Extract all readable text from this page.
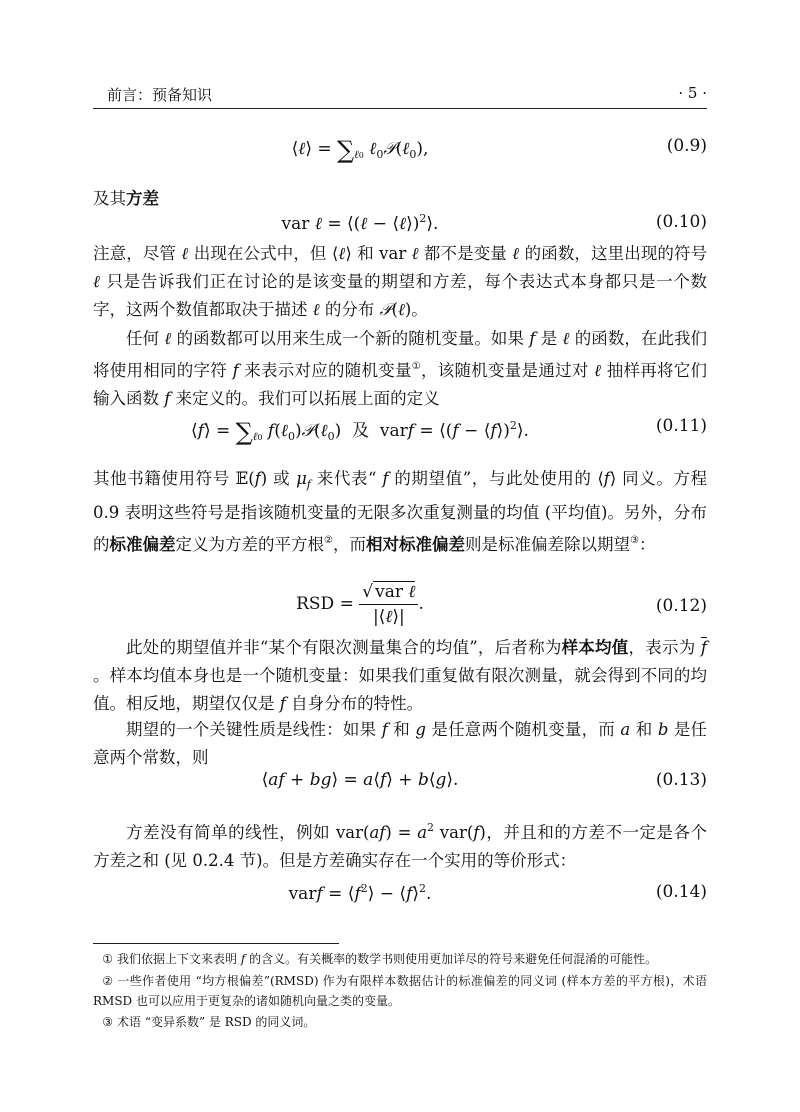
前言：预备知识	· 5 ·
⟨ℓ⟩ = $\sum_{\ell 0}$ ℓ$_0$𝒫(ℓ$_0$),	(0.9)
及其方差
var ℓ = ⟨(ℓ − ⟨ℓ⟩)$^2$⟩.	(0.10)
注意，尽管 ℓ 出现在公式中，但 ⟨ℓ⟩ 和 var ℓ 都不是变量 ℓ 的函数，这里出现的符号 ℓ 只是告诉我们正在讨论的是该变量的期望和方差，每个表达式本身都只是一个数字，这两个数值都取决于描述 ℓ 的分布 𝒫(ℓ)。
任何 ℓ 的函数都可以用来生成一个新的随机变量。如果 f 是 ℓ 的函数，在此我们将使用相同的字符 f 来表示对应的随机变量①，该随机变量是通过对 ℓ 抽样再将它们输入函数 f 来定义的。我们可以拓展上面的定义
⟨f⟩ = $\sum_{\ell 0}$ f(ℓ$_0$)𝒫(ℓ$_0$)  及  varf = ⟨(f − ⟨f⟩)$^2$⟩.	(0.11)
其他书籍使用符号 𝔼(f) 或 $\mu_f$ 来代表“ f 的期望值”，与此处使用的 ⟨f⟩ 同义。方程 0.9 表明这些符号是指该随机变量的无限多次重复测量的均值 (平均值)。另外，分布的标准偏差定义为方差的平方根②，而相对标准偏差则是标准偏差除以期望③：
RSD = $\frac{\text{√ var ℓ}}{\text{|⟨ℓ⟩|}}$ .	(0.12)
此处的期望值并非“某个有限次测量集合的均值”，后者称为样本均值，表示为 $\overline{f}$ 。样本均值本身也是一个随机变量：如果我们重复做有限次测量，就会得到不同的均值。相反地，期望仅仅是 f 自身分布的特性。
期望的一个关键性质是线性：如果 f 和 g 是任意两个随机变量，而 a 和 b 是任意两个常数，则
⟨af + bg⟩ = a⟨f⟩ + b⟨g⟩.	(0.13)
方差没有简单的线性，例如 $var(af) = a^2$ var(f)，并且和的方差不一定是各个方差之和 (见 0.2.4 节)。但是方差确实存在一个实用的等价形式：
varf = $⟨f^2⟩$ − ⟨f⟩$^2$.	(0.14)
① 我们依据上下文来表明 f 的含义。有关概率的数学书则使用更加详尽的符号来避免任何混淆的可能性。
② 一些作者使用 “均方根偏差”(RMSD) 作为有限样本数据估计的标准偏差的同义词 (样本方差的平方根)，术语 RMSD 也可以应用于更复杂的诸如随机向量之类的变量。
③ 术语 “变异系数” 是 RSD 的同义词。
